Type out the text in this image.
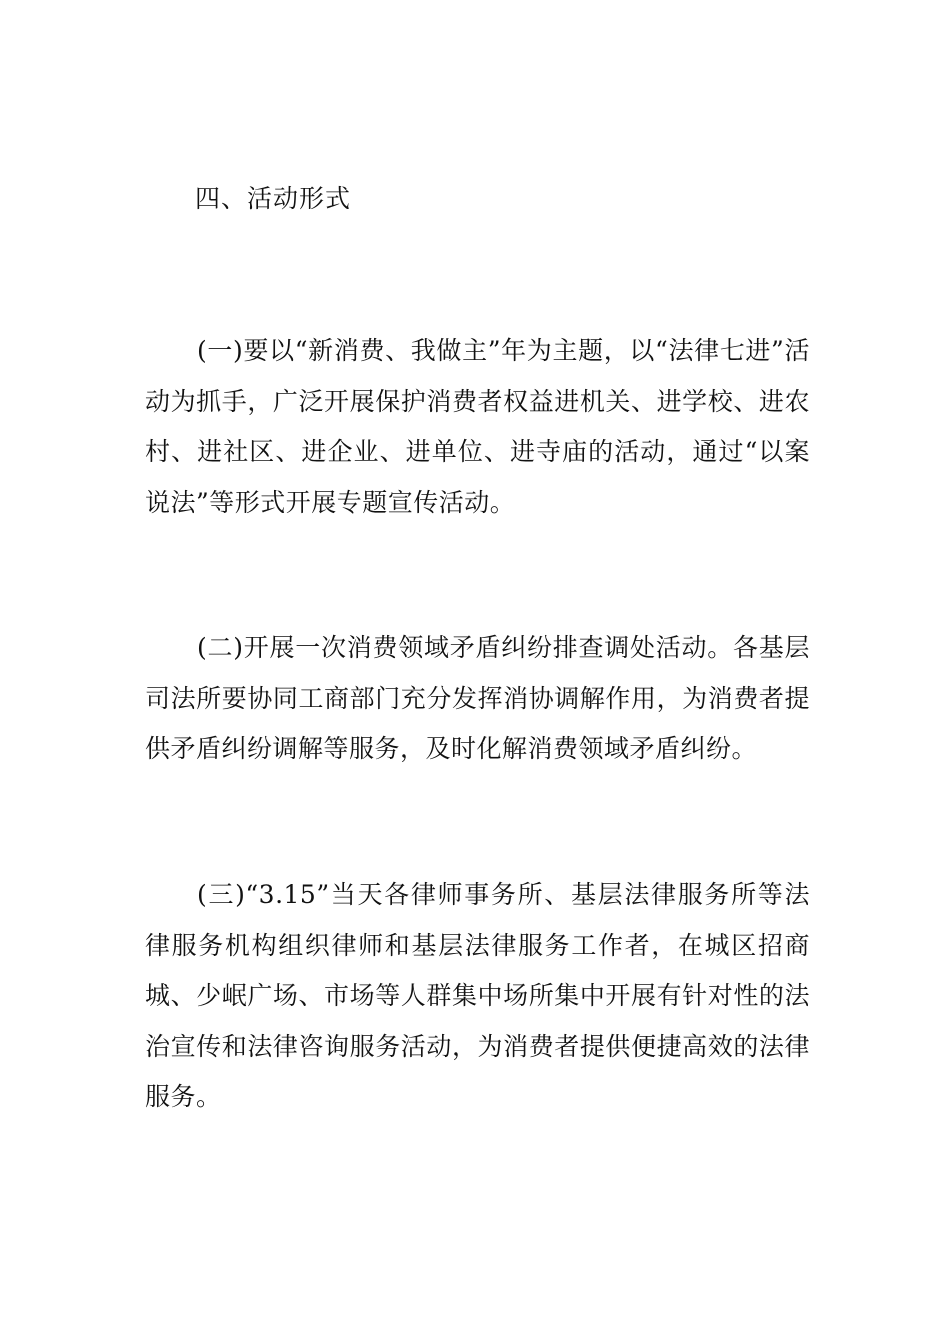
四、活动形式

(一)要以“新消费、我做主”年为主题，以“法律七进”活动为抓手，广泛开展保护消费者权益进机关、进学校、进农村、进社区、进企业、进单位、进寺庙的活动，通过“以案说法”等形式开展专题宣传活动。

(二)开展一次消费领域矛盾纠纷排查调处活动。各基层司法所要协同工商部门充分发挥消协调解作用，为消费者提供矛盾纠纷调解等服务，及时化解消费领域矛盾纠纷。

(三)“3.15”当天各律师事务所、基层法律服务所等法律服务机构组织律师和基层法律服务工作者，在城区招商城、少岷广场、市场等人群集中场所集中开展有针对性的法治宣传和法律咨询服务活动，为消费者提供便捷高效的法律服务。
